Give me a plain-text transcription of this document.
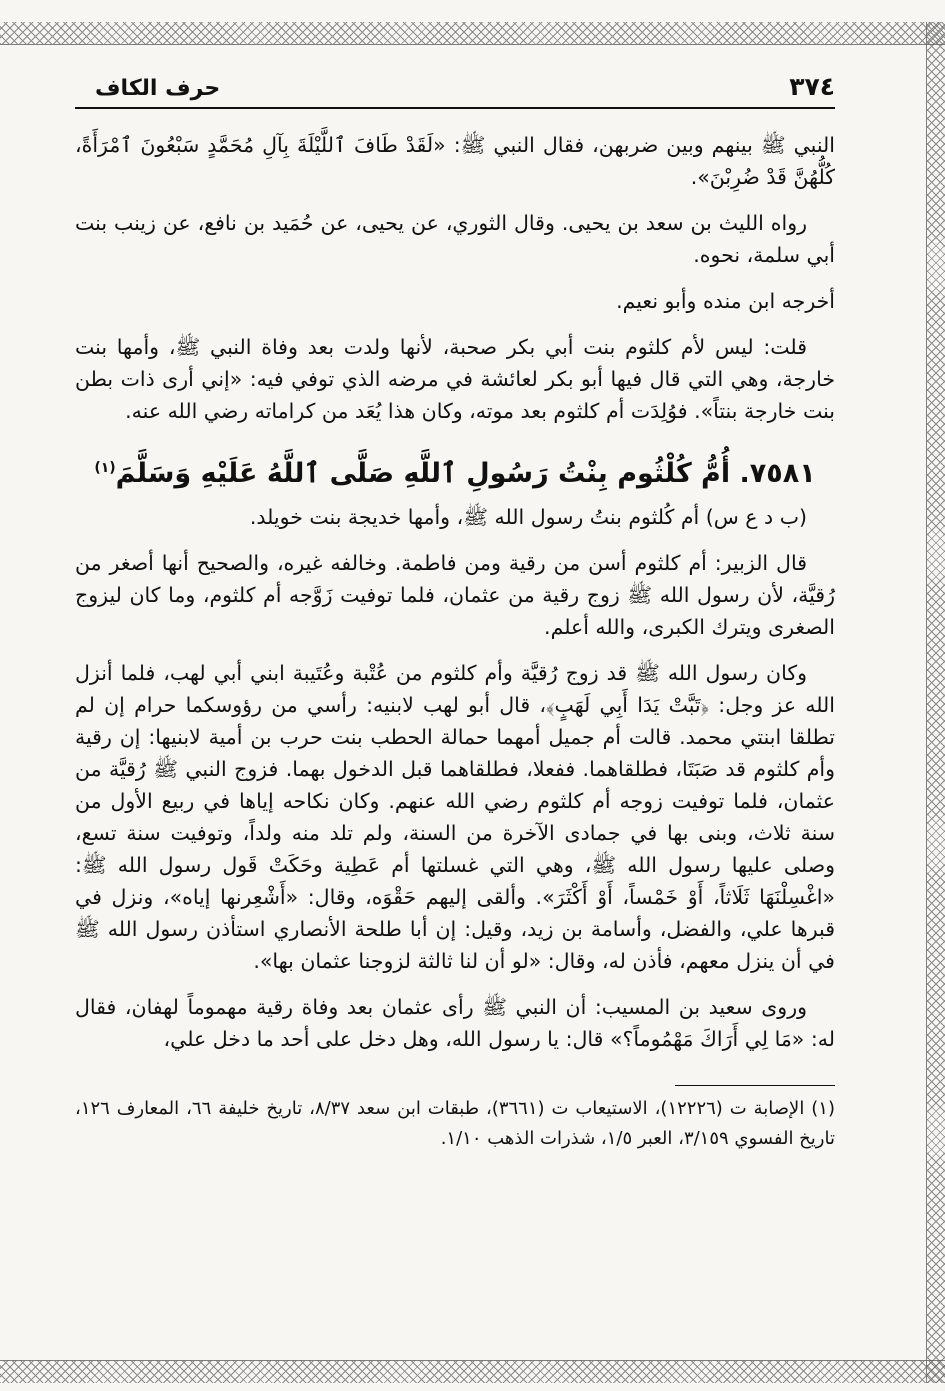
٣٧٤
حرف الكاف

النبي ﷺ بينهم وبين ضربهن، فقال النبي ﷺ: «لَقَدْ طَافَ ٱللَّيْلَةَ بِآلِ مُحَمَّدٍ سَبْعُونَ ٱمْرَأَةً، كُلُّهُنَّ قَدْ ضُرِبْنَ».

رواه الليث بن سعد بن يحيى. وقال الثوري، عن يحيى، عن حُمَيد بن نافع، عن زينب بنت أبي سلمة، نحوه.

أخرجه ابن منده وأبو نعيم.

قلت: ليس لأم كلثوم بنت أبي بكر صحبة، لأنها ولدت بعد وفاة النبي ﷺ، وأمها بنت خارجة، وهي التي قال فيها أبو بكر لعائشة في مرضه الذي توفي فيه: «إني أرى ذات بطن بنت خارجة بنتاً». فوُلِدَت أم كلثوم بعد موته، وكان هذا يُعَد من كراماته رضي الله عنه.

٧٥٨١. أُمُّ كُلْثُوم بِنْتُ رَسُولِ ٱللَّهِ صَلَّى ٱللَّهُ عَلَيْهِ وَسَلَّمَ$^{(١)}$

(ب د ع س) أم كُلثوم بنتُ رسول الله ﷺ، وأمها خديجة بنت خويلد.

قال الزبير: أم كلثوم أسن من رقية ومن فاطمة. وخالفه غيره، والصحيح أنها أصغر من رُقيَّة، لأن رسول الله ﷺ زوج رقية من عثمان، فلما توفيت زَوَّجه أم كلثوم، وما كان ليزوج الصغرى ويترك الكبرى، والله أعلم.

وكان رسول الله ﷺ قد زوج رُقيَّة وأم كلثوم من عُتْبة وعُتَيبة ابني أبي لهب، فلما أنزل الله عز وجل: ﴿تَبَّتْ يَدَا أَبِي لَهَبٍ﴾، قال أبو لهب لابنيه: رأسي من رؤوسكما حرام إن لم تطلقا ابنتي محمد. قالت أم جميل أمهما حمالة الحطب بنت حرب بن أمية لابنيها: إن رقية وأم كلثوم قد صَبَتَا، فطلقاهما. ففعلا، فطلقاهما قبل الدخول بهما. فزوج النبي ﷺ رُقيَّة من عثمان، فلما توفيت زوجه أم كلثوم رضي الله عنهم. وكان نكاحه إياها في ربيع الأول من سنة ثلاث، وبنى بها في جمادى الآخرة من السنة، ولم تلد منه ولداً، وتوفيت سنة تسع، وصلى عليها رسول الله ﷺ، وهي التي غسلتها أم عَطِية وحَكَتْ قَول رسول الله ﷺ: «اغْسِلْنَهَا ثَلَاثاً، أَوْ خَمْساً، أَوْ أَكْثَرَ». وألقى إليهم حَقْوَه، وقال: «أَشْعِرنها إياه»، ونزل في قبرها علي، والفضل، وأسامة بن زيد، وقيل: إن أبا طلحة الأنصاري استأذن رسول الله ﷺ في أن ينزل معهم، فأذن له، وقال: «لو أن لنا ثالثة لزوجنا عثمان بها».

وروى سعيد بن المسيب: أن النبي ﷺ رأى عثمان بعد وفاة رقية مهموماً لهفان، فقال له: «مَا لِي أَرَاكَ مَهْمُوماً؟» قال: يا رسول الله، وهل دخل على أحد ما دخل علي،

(١) الإصابة ت (١٢٢٢٦)، الاستيعاب ت (٣٦٦١)، طبقات ابن سعد ٨/٣٧، تاريخ خليفة ٦٦، المعارف ١٢٦، تاريخ الفسوي ٣/١٥٩، العبر ١/٥، شذرات الذهب ١/١٠.
